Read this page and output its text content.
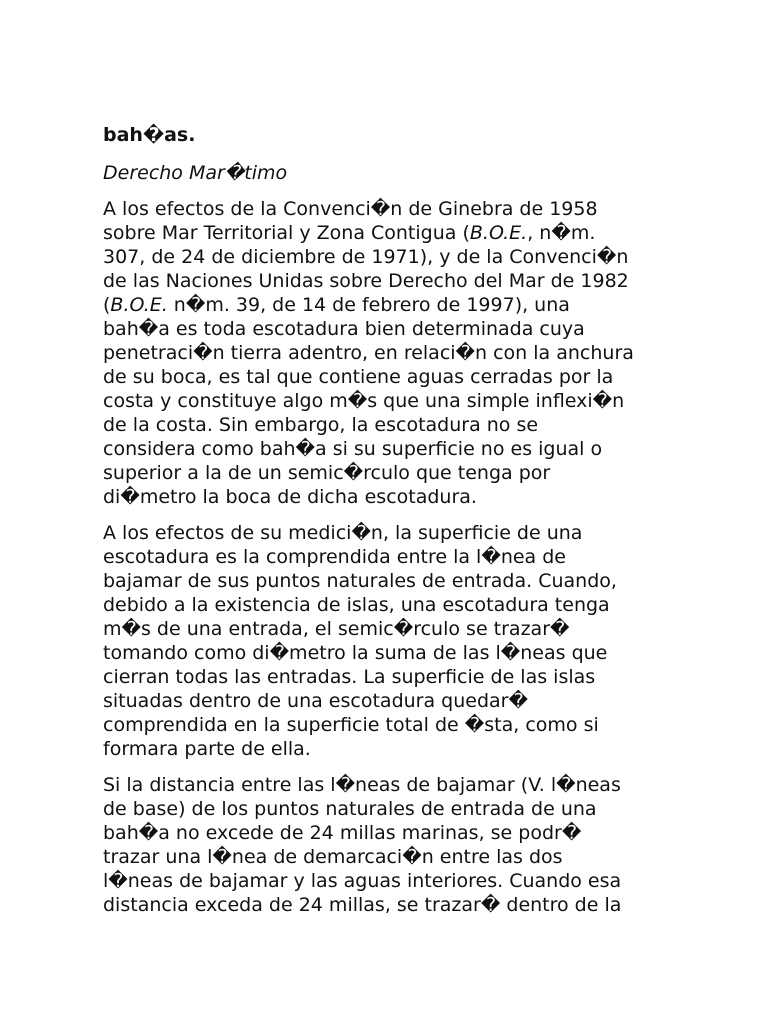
bah�as.
Derecho Mar�timo
A los efectos de la Convenci�n de Ginebra de 1958
sobre Mar Territorial y Zona Contigua (B.O.E., n�m.
307, de 24 de diciembre de 1971), y de la Convenci�n
de las Naciones Unidas sobre Derecho del Mar de 1982
(B.O.E. n�m. 39, de 14 de febrero de 1997), una
bah�a es toda escotadura bien determinada cuya
penetraci�n tierra adentro, en relaci�n con la anchura
de su boca, es tal que contiene aguas cerradas por la
costa y constituye algo m�s que una simple inflexi�n
de la costa. Sin embargo, la escotadura no se
considera como bah�a si su superficie no es igual o
superior a la de un semic�rculo que tenga por
di�metro la boca de dicha escotadura.
A los efectos de su medici�n, la superficie de una
escotadura es la comprendida entre la l�nea de
bajamar de sus puntos naturales de entrada. Cuando,
debido a la existencia de islas, una escotadura tenga
m�s de una entrada, el semic�rculo se trazar�
tomando como di�metro la suma de las l�neas que
cierran todas las entradas. La superficie de las islas
situadas dentro de una escotadura quedar�
comprendida en la superficie total de �sta, como si
formara parte de ella.
Si la distancia entre las l�neas de bajamar (V. l�neas
de base) de los puntos naturales de entrada de una
bah�a no excede de 24 millas marinas, se podr�
trazar una l�nea de demarcaci�n entre las dos
l�neas de bajamar y las aguas interiores. Cuando esa
distancia exceda de 24 millas, se trazar� dentro de la
